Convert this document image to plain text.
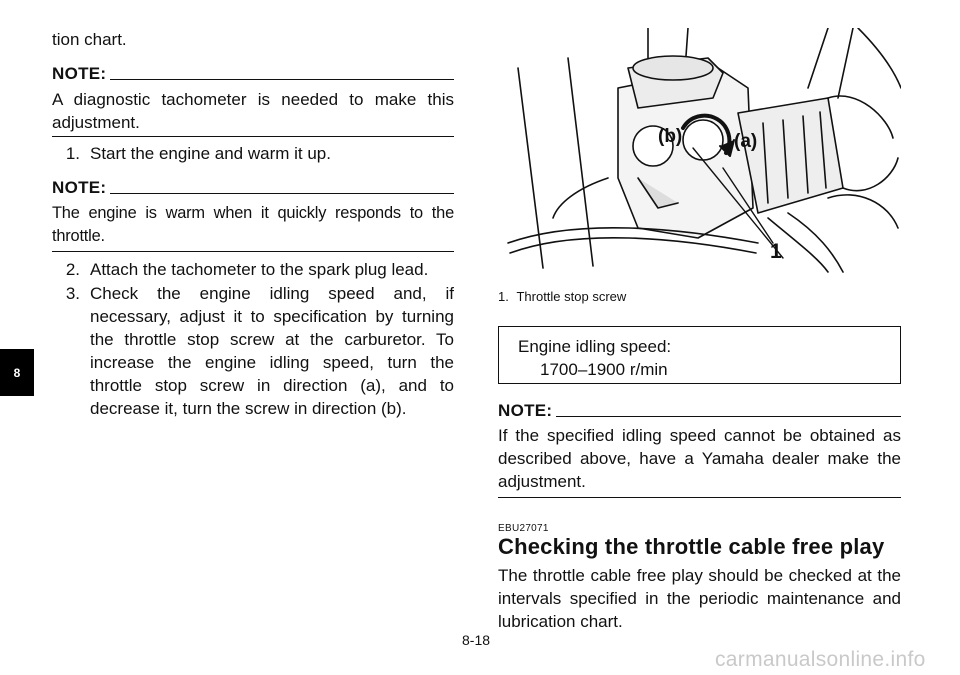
8
tion chart.
NOTE:
A diagnostic tachometer is needed to make this adjustment.
1. Start the engine and warm it up.
NOTE:
The engine is warm when it quickly responds to the throttle.
2. Attach the tachometer to the spark plug lead.
3. Check the engine idling speed and, if necessary, adjust it to specification by turning the throttle stop screw at the carburetor. To increase the engine idling speed, turn the throttle stop screw in direction (a), and to decrease it, turn the screw in direction (b).
(b)	(a)
1
1. Throttle stop screw
Engine idling speed:
1700–1900 r/min
NOTE:
If the specified idling speed cannot be obtained as described above, have a Yamaha dealer make the adjustment.
EBU27071
Checking the throttle cable free play
The throttle cable free play should be checked at the intervals specified in the periodic maintenance and lubrication chart.
8-18
carmanualsonline.info
